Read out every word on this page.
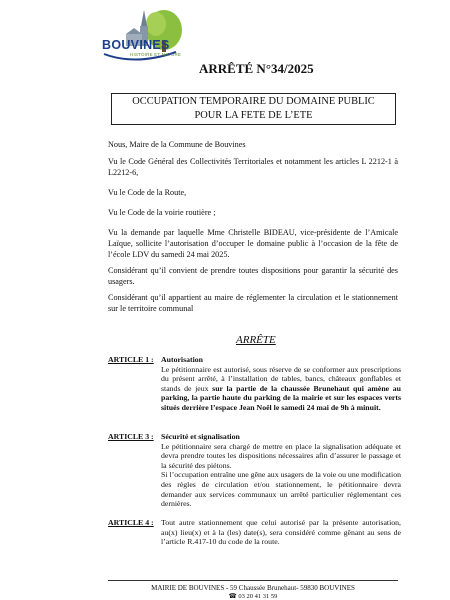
BOUVINES
HISTOIRE ET NATURE
ARRÊTÉ N°34/2025
OCCUPATION TEMPORAIRE DU DOMAINE PUBLIC
POUR LA FETE DE L’ETE
Nous, Maire de la Commune de Bouvines
Vu le Code Général des Collectivités Territoriales et notamment les articles L 2212-1 à L2212-6,
Vu le Code de la Route,
Vu le Code de la voirie routière ;
Vu la demande par laquelle Mme Christelle BIDEAU, vice-présidente de l’Amicale Laïque, sollicite l’autorisation d’occuper le domaine public à l’occasion de la fête de l’école LDV du samedi 24 mai 2025.
Considérant qu’il convient de prendre toutes dispositions pour garantir la sécurité des usagers.
Considérant qu’il appartient au maire de réglementer la circulation et le stationnement sur le territoire communal
ARRÊTE
ARTICLE 1 : Autorisation
Le pétitionnaire est autorisé, sous réserve de se conformer aux prescriptions du présent arrêté, à l’installation de tables, bancs, châteaux gonflables et stands de jeux sur la partie de la chaussée Brunehaut qui amène au parking, la partie haute du parking de la mairie et sur les espaces verts situés derrière l’espace Jean Noël le samedi 24 mai de 9h à minuit.
ARTICLE 3 : Sécurité et signalisation
Le pétitionnaire sera chargé de mettre en place la signalisation adéquate et devra prendre toutes les dispositions nécessaires afin d’assurer le passage et la sécurité des piétons.
Si l’occupation entraîne une gêne aux usagers de la voie ou une modification des règles de circulation et/ou stationnement, le pétitionnaire devra demander aux services communaux un arrêté particulier réglementant ces dernières.
ARTICLE 4 : Tout autre stationnement que celui autorisé par la présente autorisation, au(x) lieu(x) et à la (les) date(s), sera considéré comme gênant au sens de l’article R.417-10 du code de la route.
MAIRIE DE BOUVINES - 59 Chaussée Brunehaut- 59830 BOUVINES
☎ 03 20 41 31 59
